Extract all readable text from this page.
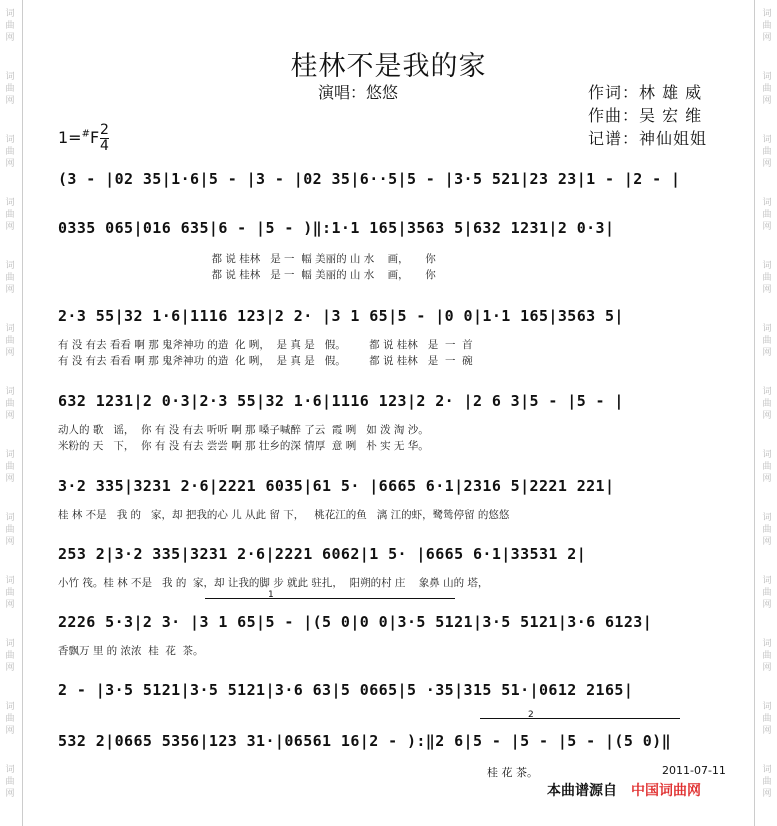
词
曲
网
词
曲
网
词
曲
网
词
曲
网
词
曲
网
词
曲
网
词
曲
网
词
曲
网
词
曲
网
词
曲
网
词
曲
网
词
曲
网
词
曲
网
词
曲
网
词
曲
网
词
曲
网
词
曲
网
词
曲
网
词
曲
网
词
曲
网
词
曲
网
词
曲
网
词
曲
网
词
曲
网
词
曲
网
词
曲
网
桂林不是我的家
演唱：悠悠	作词：林 雄 威
作曲：吴 宏 维
记谱：神仙姐姐
1=#F 2
4
(3 - |02 35|1·6|5 - |3 - |02 35|6··5|5 - |3·5 521|23 23|1 - |2 - |
0335 065|016 635|6 - |5 - )‖:1·1 165|3563 5|632 1231|2 0·3|
都 说 桂林   是 一  幅 美丽的 山 水    画，     你
都 说 桂林   是 一  幅 美丽的 山 水    画，     你
2·3 55|32 1·6|1116 123|2 2· |3 1 65|5 - |0 0|1·1 165|3563 5|
有 没 有去 看看 啊 那 鬼斧神功 的造  化 咧，  是 真 是   假。       都 说 桂林   是  一  首
有 没 有去 看看 啊 那 鬼斧神功 的造  化 咧，  是 真 是   假。       都 说 桂林   是  一  碗
632 1231|2 0·3|2·3 55|32 1·6|1116 123|2 2· |2 6 3|5 - |5 - |
动人的 歌   谣，  你 有 没 有去 听听 啊 那 嗓子喊醉 了云  霞 咧   如 泼 淘 沙。
米粉的 天   下，  你 有 没 有去 尝尝 啊 那 壮乡的深 情厚  意 咧   朴 实 无 华。
3·2 335|3231 2·6|2221 6035|61 5· |6665 6·1|2316 5|2221 221|
桂 林 不是   我 的   家，却 把我的心 儿 从此 留 下，   桃花江的鱼   漓 江的虾，鹭鸶停留 的悠悠
253 2|3·2 335|3231 2·6|2221 6062|1 5· |6665 6·1|33531 2|
小竹 筏。桂 林 不是   我 的  家，却 让我的脚 步 就此 驻扎，  阳朔的村 庄    象鼻 山的 塔，
1
2226 5·3|2 3· |3 1 65|5 - |(5 0|0 0|3·5 5121|3·5 5121|3·6 6123|
香飘万 里 的 浓浓  桂  花  茶。
2 - |3·5 5121|3·5 5121|3·6 63|5 0665|5 ·35|315 51·|0612 2165|
2
532 2|0665 5356|123 31·|06561 16|2 - ):‖2 6|5 - |5 - |5 - |(5 0)‖
桂 花 茶。	2011-07-11
本曲谱源自 中国词曲网
